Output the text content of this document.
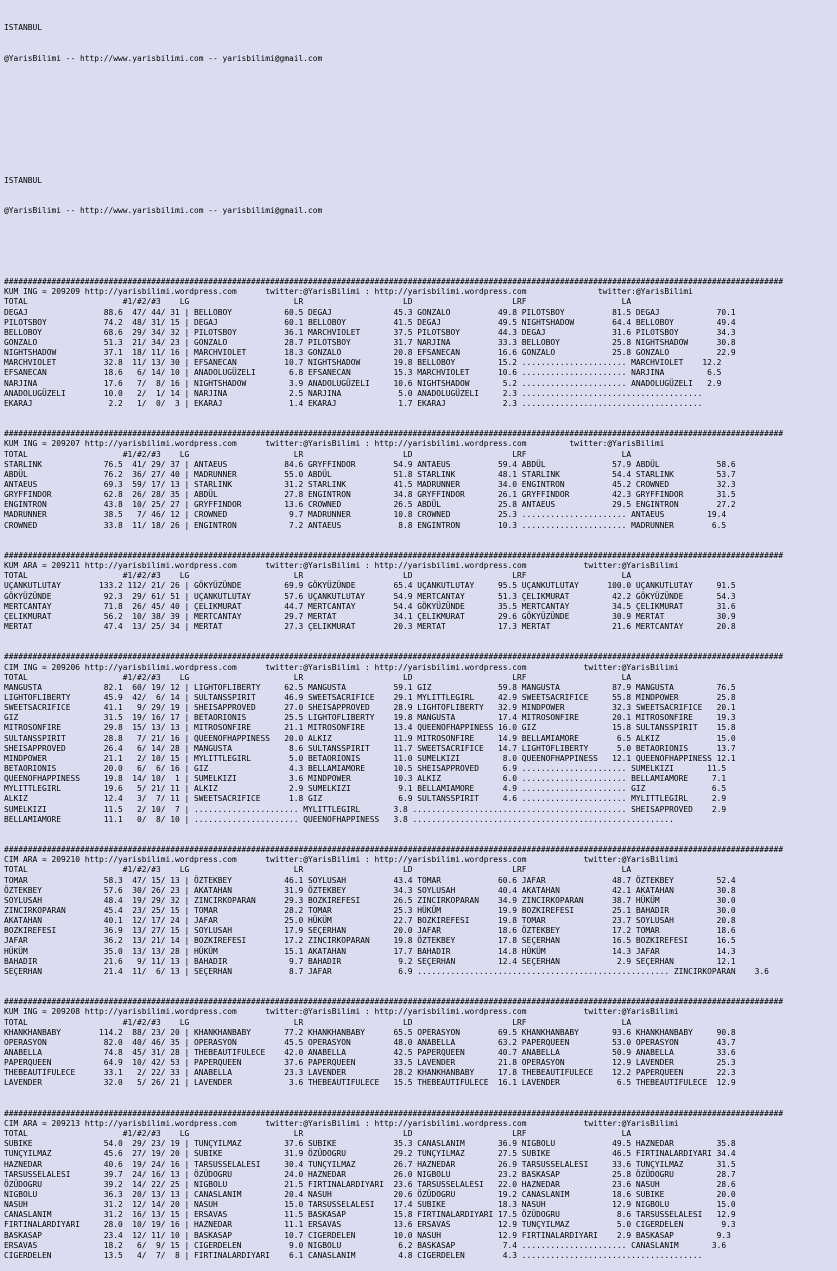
ISTANBUL

@YarisBilimi -- http://www.yarisbilimi.com -- yarisbilimi@gmail.com

ISTANBUL

@YarisBilimi -- http://www.yarisbilimi.com -- yarisbilimi@gmail.com

####################################################################################################################################################################
KUM ING = 209209 http://yarisbilimi.wordpress.com      twitter:@YarisBilimi : http://yarisbilimi.wordpress.com               twitter:@YarisBilimi
TOTAL                    #1/#2/#3    LG                      LR                     LD                     LRF                    LA
DEGAJ                88.6  47/ 44/ 31 | BELLOBOY           60.5 DEGAJ             45.3 GONZALO          49.8 PILOTSBOY          81.5 DEGAJ            70.1
PILOTSBOY            74.2  48/ 31/ 15 | DEGAJ              60.1 BELLOBOY          41.5 DEGAJ            49.5 NIGHTSHADOW        64.4 BELLOBOY         49.4
BELLOBOY             68.6  29/ 34/ 32 | PILOTSBOY          36.1 MARCHVIOLET       37.5 PILOTSBOY        44.3 DEGAJ              31.6 PILOTSBOY        34.3
GONZALO              51.3  21/ 34/ 23 | GONZALO            28.7 PILOTSBOY         31.7 NARJINA          33.3 BELLOBOY           25.8 NIGHTSHADOW      30.8
NIGHTSHADOW          37.1  18/ 11/ 16 | MARCHVIOLET        18.3 GONZALO           20.8 EFSANECAN        16.6 GONZALO            25.8 GONZALO          22.9
MARCHVIOLET          32.8  11/ 13/ 30 | EFSANECAN          10.7 NIGHTSHADOW       19.8 BELLOBOY         15.2 ...................... MARCHVIOLET    12.2
EFSANECAN            18.6   6/ 14/ 10 | ANADOLUGÜZELI       6.8 EFSANECAN         15.3 MARCHVIOLET      10.6 ...................... NARJINA         6.5
NARJINA              17.6   7/  8/ 16 | NIGHTSHADOW         3.9 ANADOLUGÜZELI     10.6 NIGHTSHADOW       5.2 ...................... ANADOLUGÜZELI   2.9
ANADOLUGÜZELI        10.0   2/  1/ 14 | NARJINA             2.5 NARJINA            5.0 ANADOLUGÜZELI     2.3 ......................................
EKARAJ                2.2   1/  0/  3 | EKARAJ              1.4 EKARAJ             1.7 EKARAJ            2.3 ......................................

####################################################################################################################################################################
KUM ING = 209207 http://yarisbilimi.wordpress.com      twitter:@YarisBilimi : http://yarisbilimi.wordpress.com         twitter:@YarisBilimi
TOTAL                    #1/#2/#3    LG                      LR                     LD                     LRF                    LA
STARLINK             76.5  41/ 29/ 37 | ANTAEUS            84.6 GRYFFINDOR        54.9 ANTAEUS          59.4 ABDÜL              57.9 ABDÜL            58.6
ABDÜL                76.2  36/ 27/ 40 | MADRUNNER          55.0 ABDÜL             51.8 STARLINK         48.1 STARLINK           54.4 STARLINK         53.7
ANTAEUS              69.3  59/ 17/ 13 | STARLINK           31.2 STARLINK          41.5 MADRUNNER        34.0 ENGINTRON          45.2 CROWNED          32.3
GRYFFINDOR           62.8  26/ 28/ 35 | ABDÜL              27.8 ENGINTRON         34.8 GRYFFINDOR       26.1 GRYFFINDOR         42.3 GRYFFINDOR       31.5
ENGINTRON            43.8  10/ 25/ 27 | GRYFFINDOR         13.6 CROWNED           26.5 ABDÜL            25.8 ANTAEUS            29.5 ENGINTRON        27.2
MADRUNNER            38.5   7/ 46/ 12 | CROWNED             9.7 MADRUNNER         10.8 CROWNED          25.3 ...................... ANTAEUS         19.4
CROWNED              33.8  11/ 18/ 26 | ENGINTRON           7.2 ANTAEUS            8.8 ENGINTRON        10.3 ...................... MADRUNNER        6.5

####################################################################################################################################################################
KUM ARA = 209211 http://yarisbilimi.wordpress.com      twitter:@YarisBilimi : http://yarisbilimi.wordpress.com            twitter:@YarisBilimi
TOTAL                    #1/#2/#3    LG                      LR                     LD                     LRF                    LA
UÇANKUTLUTAY        133.2 112/ 21/ 26 | GÖKYÜZÜNDE         69.9 GÖKYÜZÜNDE        65.4 UÇANKUTLUTAY     95.5 UÇANKUTLUTAY      100.0 UÇANKUTLUTAY     91.5
GÖKYÜZÜNDE           92.3  29/ 61/ 51 | UÇANKUTLUTAY       57.6 UÇANKUTLUTAY      54.9 MERTCANTAY       51.3 ÇELIKMURAT         42.2 GÖKYÜZÜNDE       54.3
MERTCANTAY           71.8  26/ 45/ 40 | ÇELIKMURAT         44.7 MERTCANTAY        54.4 GÖKYÜZÜNDE       35.5 MERTCANTAY         34.5 ÇELIKMURAT       31.6
ÇELIKMURAT           56.2  10/ 38/ 39 | MERTCANTAY         29.7 MERTAT            34.1 ÇELIKMURAT       29.6 GÖKYÜZÜNDE         30.9 MERTAT           30.9
MERTAT               47.4  13/ 25/ 34 | MERTAT             27.3 ÇELIKMURAT        20.3 MERTAT           17.3 MERTAT             21.6 MERTCANTAY       20.8

####################################################################################################################################################################
CIM ING = 209206 http://yarisbilimi.wordpress.com      twitter:@YarisBilimi : http://yarisbilimi.wordpress.com            twitter:@YarisBilimi
TOTAL                    #1/#2/#3    LG                      LR                     LD                     LRF                    LA
MANGUSTA             82.1  60/ 19/ 12 | LIGHTOFLIBERTY     62.5 MANGUSTA          59.1 GIZ              59.8 MANGUSTA           87.9 MANGUSTA         76.5
LIGHTOFLIBERTY       45.9  42/  6/ 14 | SULTANSSPIRIT      46.9 SWEETSACRIFICE    29.1 MYLITTLEGIRL     42.9 SWEETSACRIFICE     55.8 MINDPOWER        25.8
SWEETSACRIFICE       41.1   9/ 29/ 19 | SHEISAPPROVED      27.0 SHEISAPPROVED     28.9 LIGHTOFLIBERTY   32.9 MINDPOWER          32.3 SWEETSACRIFICE   20.1
GIZ                  31.5  19/ 16/ 17 | BETAORIONIS        25.5 LIGHTOFLIBERTY    19.8 MANGUSTA         17.4 MITROSONFIRE       20.1 MITROSONFIRE     19.3
MITROSONFIRE         29.8  15/ 13/ 13 | MITROSONFIRE       21.1 MITROSONFIRE      13.4 QUEENOFHAPPINESS 16.0 GIZ                15.8 SULTANSSPIRIT    15.8
SULTANSSPIRIT        28.8   7/ 21/ 16 | QUEENOFHAPPINESS   20.0 ALKIZ             11.9 MITROSONFIRE     14.9 BELLAMIAMORE        6.5 ALKIZ            15.0
SHEISAPPROVED        26.4   6/ 14/ 28 | MANGUSTA            8.6 SULTANSSPIRIT     11.7 SWEETSACRIFICE   14.7 LIGHTOFLIBERTY      5.0 BETAORIONIS      13.7
MINDPOWER            21.1   2/ 10/ 15 | MYLITTLEGIRL        5.0 BETAORIONIS       11.0 SUMELKIZI         8.0 QUEENOFHAPPINESS   12.1 QUEENOFHAPPINESS 12.1
BETAORIONIS          20.0   6/  6/ 16 | GIZ                 4.3 BELLAMIAMORE      10.5 SHEISAPPROVED     6.9 ...................... SUMELKIZI       11.5
QUEENOFHAPPINESS     19.8  14/ 10/  1 | SUMELKIZI           3.6 MINDPOWER         10.3 ALKIZ             6.0 ...................... BELLAMIAMORE     7.1
MYLITTLEGIRL         19.6   5/ 21/ 11 | ALKIZ               2.9 SUMELKIZI          9.1 BELLAMIAMORE      4.9 ...................... GIZ              6.5
ALKIZ                12.4   3/  7/ 11 | SWEETSACRIFICE      1.8 GIZ                6.9 SULTANSSPIRIT     4.6 ...................... MYLITTLEGIRL     2.9
SUMELKIZI            11.5   2/ 10/  7 | ...................... MYLITTLEGIRL       3.8 ............................................. SHEISAPPROVED    2.9
BELLAMIAMORE         11.1   0/  8/ 10 | ...................... QUEENOFHAPPINESS   3.8 .......................................................

####################################################################################################################################################################
CIM ARA = 209210 http://yarisbilimi.wordpress.com      twitter:@YarisBilimi : http://yarisbilimi.wordpress.com            twitter:@YarisBilimi
TOTAL                    #1/#2/#3    LG                      LR                     LD                     LRF                    LA
TOMAR                58.3  47/ 15/ 13 | ÖZTEKBEY           46.1 SOYLUSAH          43.4 TOMAR            60.6 JAFAR              48.7 ÖZTEKBEY         52.4
ÖZTEKBEY             57.6  30/ 26/ 23 | AKATAHAN           31.9 ÖZTEKBEY          34.3 SOYLUSAH         40.4 AKATAHAN           42.1 AKATAHAN         30.8
SOYLUSAH             48.4  19/ 29/ 32 | ZINCIRKOPARAN      29.3 BOZKIREFESI       26.5 ZINCIRKOPARAN    34.9 ZINCIRKOPARAN      38.7 HÜKÜM            30.0
ZINCIRKOPARAN        45.4  23/ 25/ 15 | TOMAR              28.2 TOMAR             25.3 HÜKÜM            19.9 BOZKIREFESI        25.1 BAHADIR          30.0
AKATAHAN             40.1  12/ 17/ 24 | JAFAR              25.0 HÜKÜM             22.7 BOZKIREFESI      19.8 TOMAR              23.7 SOYLUSAH         20.8
BOZKIREFESI          36.9  13/ 27/ 15 | SOYLUSAH           17.9 SEÇERHAN          20.0 JAFAR            18.6 ÖZTEKBEY           17.2 TOMAR            18.6
JAFAR                36.2  13/ 21/ 14 | BOZKIREFESI        17.2 ZINCIRKOPARAN     19.8 ÖZTEKBEY         17.8 SEÇERHAN           16.5 BOZKIREFESI      16.5
HÜKÜM                35.0  13/ 13/ 28 | HÜKÜM              15.1 AKATAHAN          17.7 BAHADIR          14.8 HÜKÜM              14.3 JAFAR            14.3
BAHADIR              21.6   9/ 11/ 13 | BAHADIR             9.7 BAHADIR            9.2 SEÇERHAN         12.4 SEÇERHAN            2.9 SEÇERHAN         12.1
SEÇERHAN             21.4  11/  6/ 13 | SEÇERHAN            8.7 JAFAR              6.9 ..................................................... ZINCIRKOPARAN    3.6

####################################################################################################################################################################
KUM ING = 209208 http://yarisbilimi.wordpress.com      twitter:@YarisBilimi : http://yarisbilimi.wordpress.com            twitter:@YarisBilimi
TOTAL                    #1/#2/#3    LG                      LR                     LD                     LRF                    LA
KHANKHANBABY        114.2  88/ 23/ 20 | KHANKHANBABY       77.2 KHANKHANBABY      65.5 OPERASYON        69.5 KHANKHANBABY       93.6 KHANKHANBABY     90.8
OPERASYON            82.0  40/ 46/ 35 | OPERASYON          45.5 OPERASYON         48.0 ANABELLA         63.2 PAPERQUEEN         53.0 OPERASYON        43.7
ANABELLA             74.8  45/ 31/ 28 | THEBEAUTIFULECE    42.0 ANABELLA          42.5 PAPERQUEEN       40.7 ANABELLA           50.9 ANABELLA         33.6
PAPERQUEEN           64.9  10/ 42/ 53 | PAPERQUEEN         37.6 PAPERQUEEN        33.5 LAVENDER         21.8 OPERASYON          12.9 LAVENDER         25.3
THEBEAUTIFULECE      33.1   2/ 22/ 33 | ANABELLA           23.3 LAVENDER          28.2 KHANKHANBABY     17.8 THEBEAUTIFULECE    12.2 PAPERQUEEN       22.3
LAVENDER             32.0   5/ 26/ 21 | LAVENDER            3.6 THEBEAUTIFULECE   15.5 THEBEAUTIFULECE  16.1 LAVENDER            6.5 THEBEAUTIFULECE  12.9

####################################################################################################################################################################
CIM ARA = 209213 http://yarisbilimi.wordpress.com      twitter:@YarisBilimi : http://yarisbilimi.wordpress.com            twitter:@YarisBilimi
TOTAL                    #1/#2/#3    LG                      LR                     LD                     LRF                    LA
SUBIKE               54.0  29/ 23/ 19 | TUNÇYILMAZ         37.6 SUBIKE            35.3 CANASLANIM       36.9 NIGBOLU            49.5 HAZNEDAR         35.8
TUNÇYILMAZ           45.6  27/ 19/ 20 | SUBIKE             31.9 ÖZÜDOGRU          29.2 TUNÇYILMAZ       27.5 SUBIKE             46.5 FIRTINALARDIYARI 34.4
HAZNEDAR             40.6  19/ 24/ 16 | TARSUSSELALESI     30.4 TUNÇYILMAZ        26.7 HAZNEDAR         26.9 TARSUSSELALESI     33.6 TUNÇYILMAZ       31.5
TARSUSSELALESI       39.7  24/ 16/ 13 | ÖZÜDOGRU           24.0 HAZNEDAR          26.0 NIGBOLU          23.2 BASKASAP           25.8 ÖZÜDOGRU         28.7
ÖZÜDOGRU             39.2  14/ 22/ 25 | NIGBOLU            21.5 FIRTINALARDIYARI  23.6 TARSUSSELALESI   22.0 HAZNEDAR           23.6 NASUH            28.6
NIGBOLU              36.3  20/ 13/ 13 | CANASLANIM         20.4 NASUH             20.6 ÖZÜDOGRU         19.2 CANASLANIM         18.6 SUBIKE           20.0
NASUH                31.2  12/ 14/ 20 | NASUH              15.0 TARSUSSELALESI    17.4 SUBIKE           18.3 NASUH              12.9 NIGBOLU          15.0
CANASLANIM           31.2  16/ 13/ 15 | ERSAVAS            11.5 BASKASAP          15.8 FIRTINALARDIYARI 17.5 ÖZÜDOGRU            8.6 TARSUSSELALESI   12.9
FIRTINALARDIYARI     28.0  10/ 19/ 16 | HAZNEDAR           11.1 ERSAVAS           13.6 ERSAVAS          12.9 TUNÇYILMAZ          5.0 CIGERDELEN        9.3
BASKASAP             23.4  12/ 11/ 10 | BASKASAP           10.7 CIGERDELEN        10.0 NASUH            12.9 FIRTINALARDIYARI    2.9 BASKASAP         9.3
ERSAVAS              18.2   6/  9/ 15 | CIGERDELEN          9.0 NIGBOLU            6.2 BASKASAP          7.4 ...................... CANASLANIM       3.6
CIGERDELEN           13.5   4/  7/  8 | FIRTINALARDIYARI    6.1 CANASLANIM         4.8 CIGERDELEN        4.3 ......................................
